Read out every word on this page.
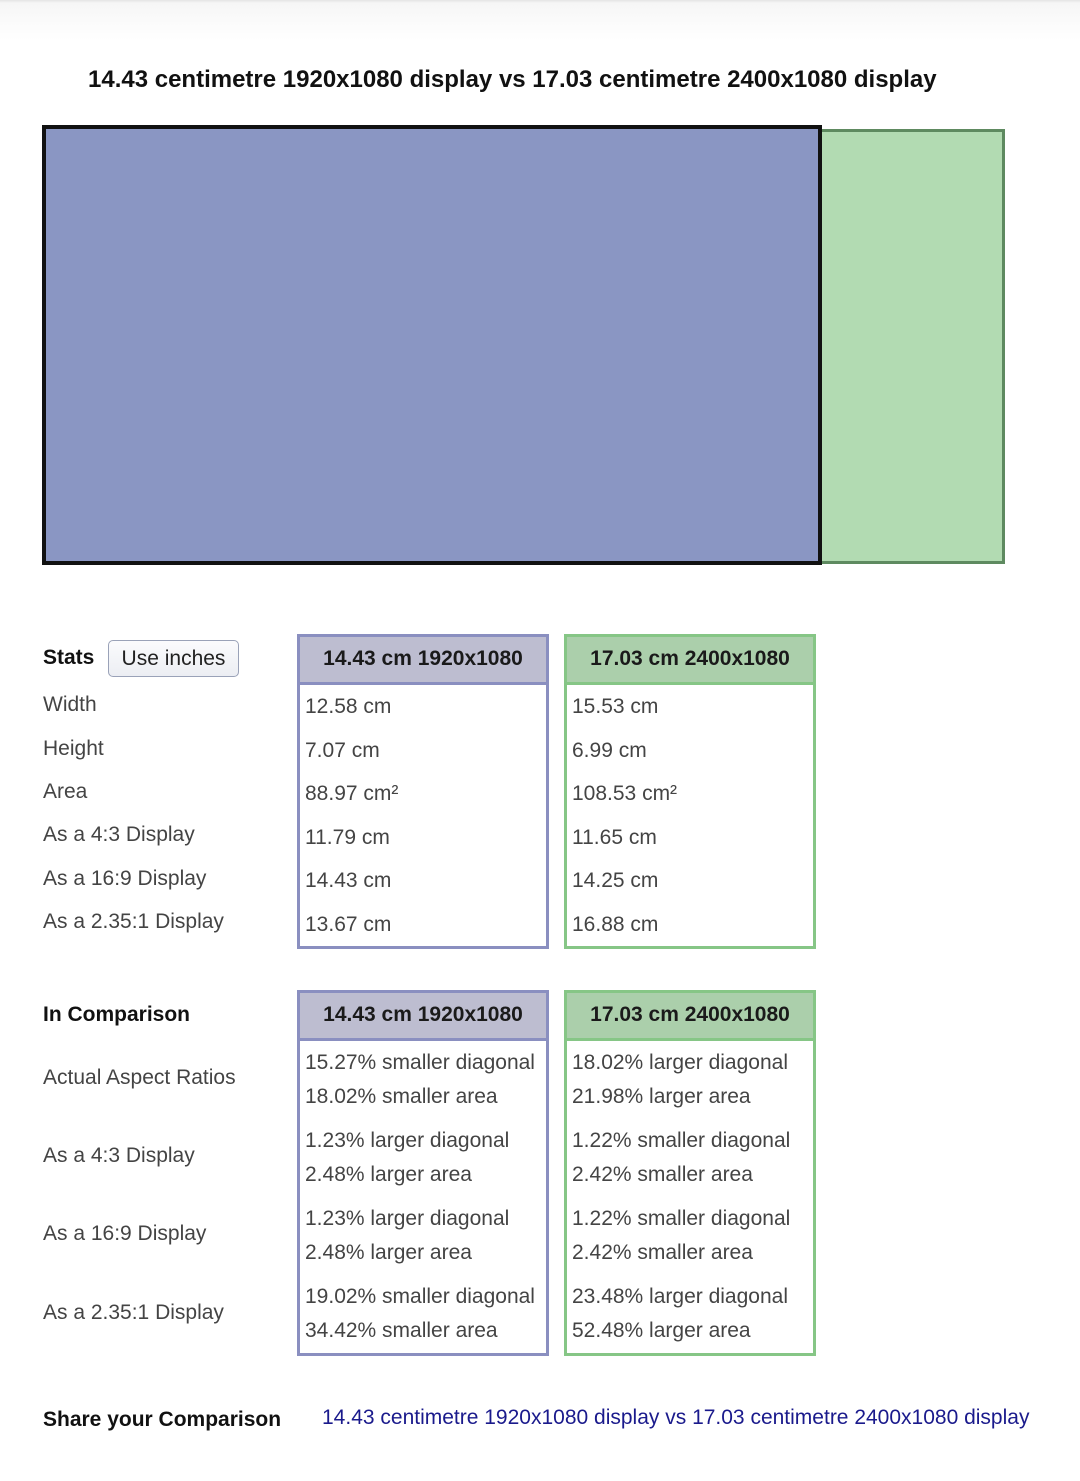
14.43 centimetre 1920x1080 display vs 17.03 centimetre 2400x1080 display
Stats	Use inches
Width
Height
Area
As a 4:3 Display
As a 16:9 Display
As a 2.35:1 Display
14.43 cm 1920x1080
12.58 cm
7.07 cm
88.97 cm²
11.79 cm
14.43 cm
13.67 cm
17.03 cm 2400x1080
15.53 cm
6.99 cm
108.53 cm²
11.65 cm
14.25 cm
16.88 cm
In Comparison
Actual Aspect Ratios
As a 4:3 Display
As a 16:9 Display
As a 2.35:1 Display
14.43 cm 1920x1080
15.27% smaller diagonal
18.02% smaller area
1.23% larger diagonal
2.48% larger area
1.23% larger diagonal
2.48% larger area
19.02% smaller diagonal
34.42% smaller area
17.03 cm 2400x1080
18.02% larger diagonal
21.98% larger area
1.22% smaller diagonal
2.42% smaller area
1.22% smaller diagonal
2.42% smaller area
23.48% larger diagonal
52.48% larger area
Share your Comparison 14.43 centimetre 1920x1080 display vs 17.03 centimetre 2400x1080 display
